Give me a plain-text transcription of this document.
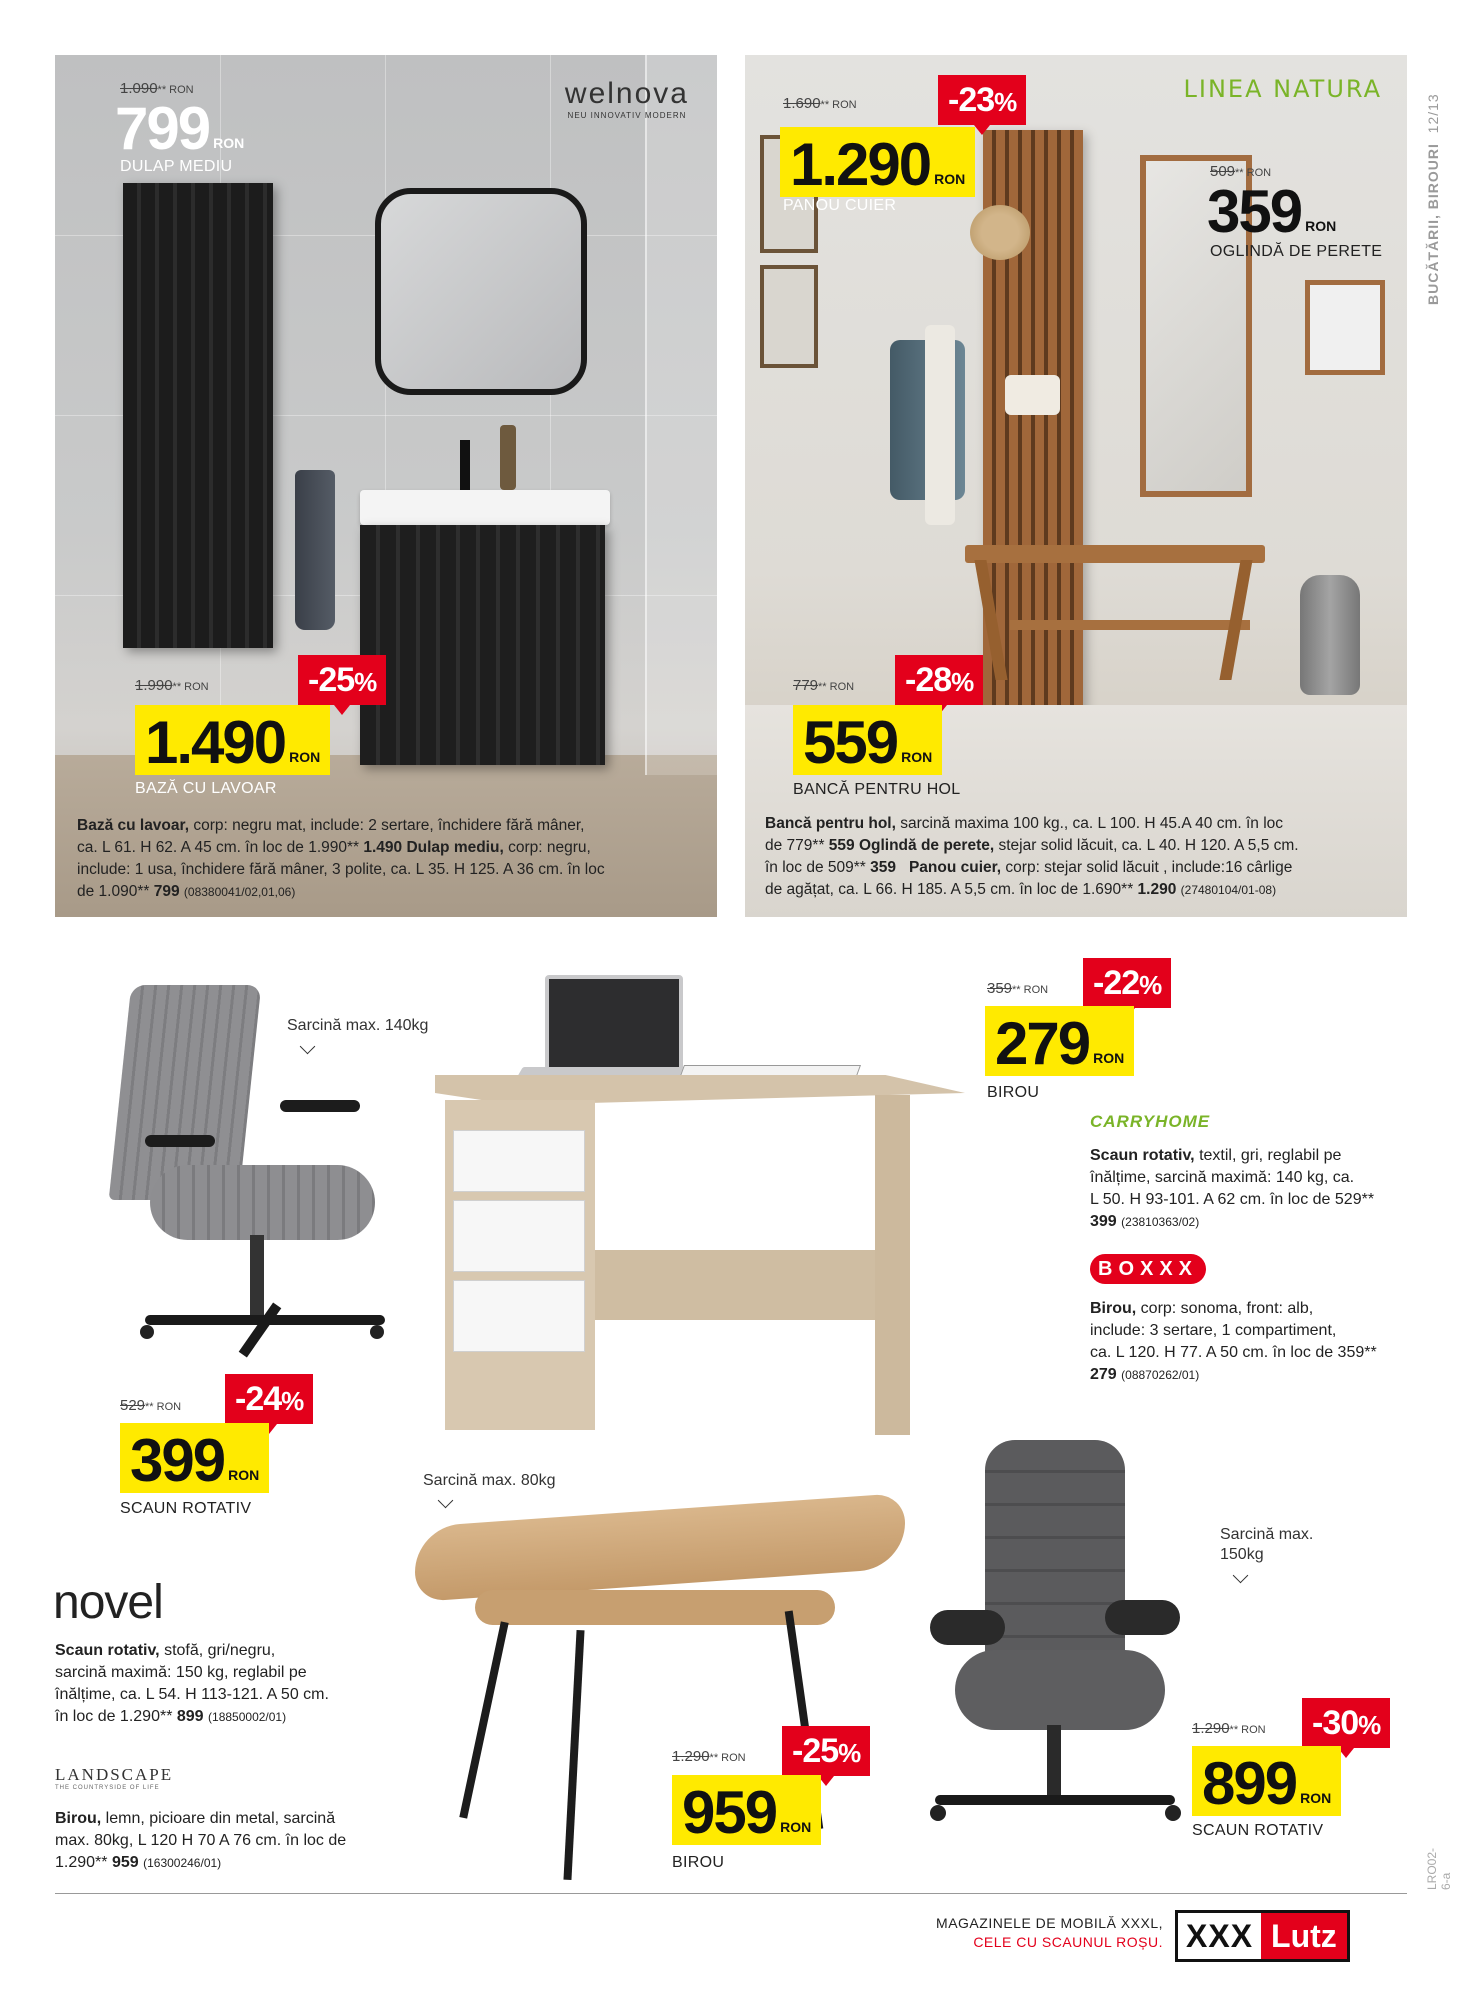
BUCĂTĂRII, BIROURI  12/13
welnova
NEU INNOVATIV MODERN
1.090** RON
799 RON
DULAP MEDIU
1.990** RON	-25%
1.490 RON
BAZĂ CU LAVOAR
Bază cu lavoar, corp: negru mat, include: 2 sertare, închidere fără mâner,
ca. L 61. H 62. A 45 cm. în loc de 1.990** 1.490 Dulap mediu, corp: negru,
include: 1 usa, închidere fără mâner, 3 polite, ca. L 35. H 125. A 36 cm. în loc
de 1.090** 799 (08380041/02,01,06)
LINEA NATURA
1.690** RON	-23%
1.290 RON
PANOU CUIER
509** RON
359 RON
OGLINDĂ DE PERETE
779** RON -28%
559 RON
BANCĂ PENTRU HOL
Bancă pentru hol, sarcină maxima 100 kg., ca. L 100. H 45.A 40 cm. în loc
de 779** 559 Oglindă de perete, stejar solid lăcuit, ca. L 40. H 120. A 5,5 cm.
în loc de 509** 359 Panou cuier, corp: stejar solid lăcuit , include:16 cârlige
de agățat, ca. L 66. H 185. A 5,5 cm. în loc de 1.690** 1.290 (27480104/01-08)
Sarcină max. 140kg
529** RON -24%
399 RON
SCAUN ROTATIV
359** RON -22%
279 RON
BIROU
CARRYHOME
Scaun rotativ, textil, gri, reglabil pe
înălțime, sarcină maximă: 140 kg, ca.
L 50. H 93-101. A 62 cm. în loc de 529**
399 (23810363/02)
BOXXX
Birou, corp: sonoma, front: alb,
include: 3 sertare, 1 compartiment,
ca. L 120. H 77. A 50 cm. în loc de 359**
279 (08870262/01)
Sarcină max. 80kg
1.290** RON -25%
959 RON
BIROU
Sarcină max.
150kg
1.290** RON -30%
899 RON
SCAUN ROTATIV
novel
Scaun rotativ, stofă, gri/negru,
sarcină maximă: 150 kg, reglabil pe
înălțime, ca. L 54. H 113-121. A 50 cm.
în loc de 1.290** 899 (18850002/01)
LANDSCAPE
THE COUNTRYSIDE OF LIFE
Birou, lemn, picioare din metal, sarcină
max. 80kg, L 120 H 70 A 76 cm. în loc de
1.290** 959 (16300246/01)	LRO02-6-a
MAGAZINELE DE MOBILĂ XXXL,
CELE CU SCAUNUL ROȘU. XXX Lutz
